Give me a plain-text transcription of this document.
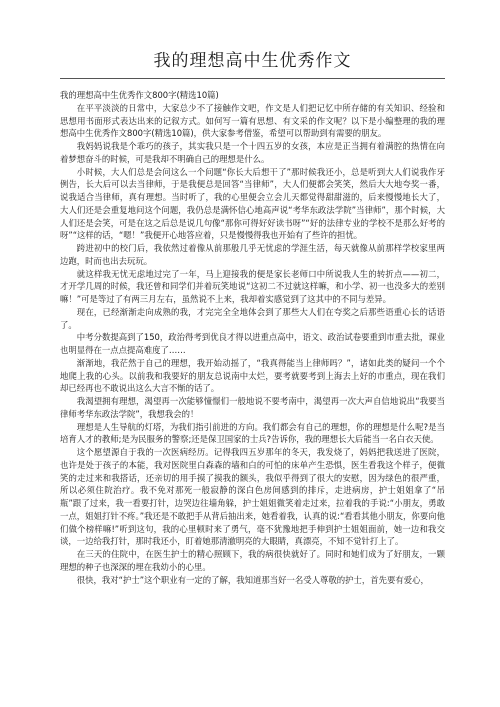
我的理想高中生优秀作文

我的理想高中生优秀作文800字(精选10篇)

在平平淡淡的日常中，大家总少不了接触作文吧，作文是人们把记忆中所存储的有关知识、经验和思想用书面形式表达出来的记叙方式。如何写一篇有思想、有文采的作文呢？以下是小编整理的我的理想高中生优秀作文800字(精选10篇)，供大家参考借鉴，希望可以帮助到有需要的朋友。

我妈妈说我是个乖巧的孩子，其实我只是一个十四五岁的女孩，本应是正当拥有着满腔的热情在向着梦想奋斗的时候，可是我却不明确自己的理想是什么。

小时候，大人们总是会问这么一个问题“你长大后想干了”那时候我还小，总是听到大人们说我作牙例告，长大后可以去当律师，于是我便总是回答“当律师”，大人们便都会笑笑，然后大大地夸奖一番，说我适合当律师，真有理想。当时听了，我的心里便会立会儿天都觉得甜甜滋的，后来慢慢地长大了，大人们还是会重复地问这个问题，我仍总是满怀信心地高声说“考华东政法学院”当律师”，那个时候，大人们还是会笑，可是在这之后总是说几句像“那你可得好好读书呀”“好的法律专业的学校不是那么好考的呀”“这样的话，“嗯！”我便开心地答应着，只是慢慢得我也开始有了些许的担忧。

跨进初中的校门后，我依然过着像从前那般几乎无忧虑的学涯生活，每天就像从前那样学校家里两边跑，时而也出去玩玩。

就这样我无忧无虑地过完了一年，马上迎接我的便是家长老师口中所说我人生的转折点——初二，才开学几周的时候，我还曾和同学们并着玩笑地说“这初二不过就这样嘛，和小学、初一也没多大的差别嘛！”可是等过了有两三月左右，虽然说不上来，我却着实感觉到了这其中的不同与差异。

现在，已经渐渐走向成熟的我，才完完全全地体会到了那些大人们在夸奖之后那些语重心长的话语了。

中考分数提高到了150，政治得考到优良才得以进重点高中，语文、政治试卷要重到市重去批，课业也明显得在一点点提高难度了……

渐渐地，我茫然于自己的理想，我开始动摇了，“我真得能当上律师吗？”，诸如此类的疑问一个个地爬上我的心头。以前我和我要好的朋友总说南中太烂，要考就要考到上海去上好的市重点，现在我们却已经再也不敢说出这么大言不惭的话了。

我渴望拥有理想，渴望再一次能够憧憬们一般地说不要考南中，渴望再一次大声自信地说出“我要当律师考华东政法学院”，我想我会的！

理想是人生导航的灯塔，为我们指引前进的方向。我们都会有自己的理想，你的理想是什么呢?是当培育人才的教师;是为民服务的警察;还是保卫国家的士兵?告诉你，我的理想长大后能当一名白衣天使。

这个愿望源自于我的一次医病经历。记得我四五岁那年的冬天，我发烧了，妈妈把我送进了医院，也许是处于孩子的本能，我对医院里白森森的墙和白的可怕的床单产生恐惧，医生看我这个样子，便微笑的走过来和我搭话，还亲切的用手摸了摸我的额头，我似乎得到了很大的安慰，因为绿色的很严重，所以必须住院治疗。我不免对那死一般寂静的深白色房间感到的排斥，走进病房，护士姐姐拿了“吊瓶”跟了过来，我一看要打针，边哭边往墙角躲，护士姐姐微笑着走过来，拉着我的手说:“小朋友，勇敢一点，姐姐打针不疼。”我还是不敢把手从背后抽出来，她看着我，认真的说:“看看其他小朋友，你要向他们做个榜样嘛!”听到这句，我的心里顿时来了勇气，毫不犹豫地把手伸到护士姐姐面前，她一边和我交谈，一边给我打针，那时我还小，盯着她那清澈明亮的大眼睛，真漂亮，不知不觉针打上了。

在三天的住院中，在医生护士的精心照顾下，我的病很快就好了。同时和她们成为了好朋友，一颗理想的种子也深深的埋在我幼小的心里。

很快，我对“护士”这个职业有一定的了解，我知道那当好一名受人尊敬的护士，首先要有爱心，
